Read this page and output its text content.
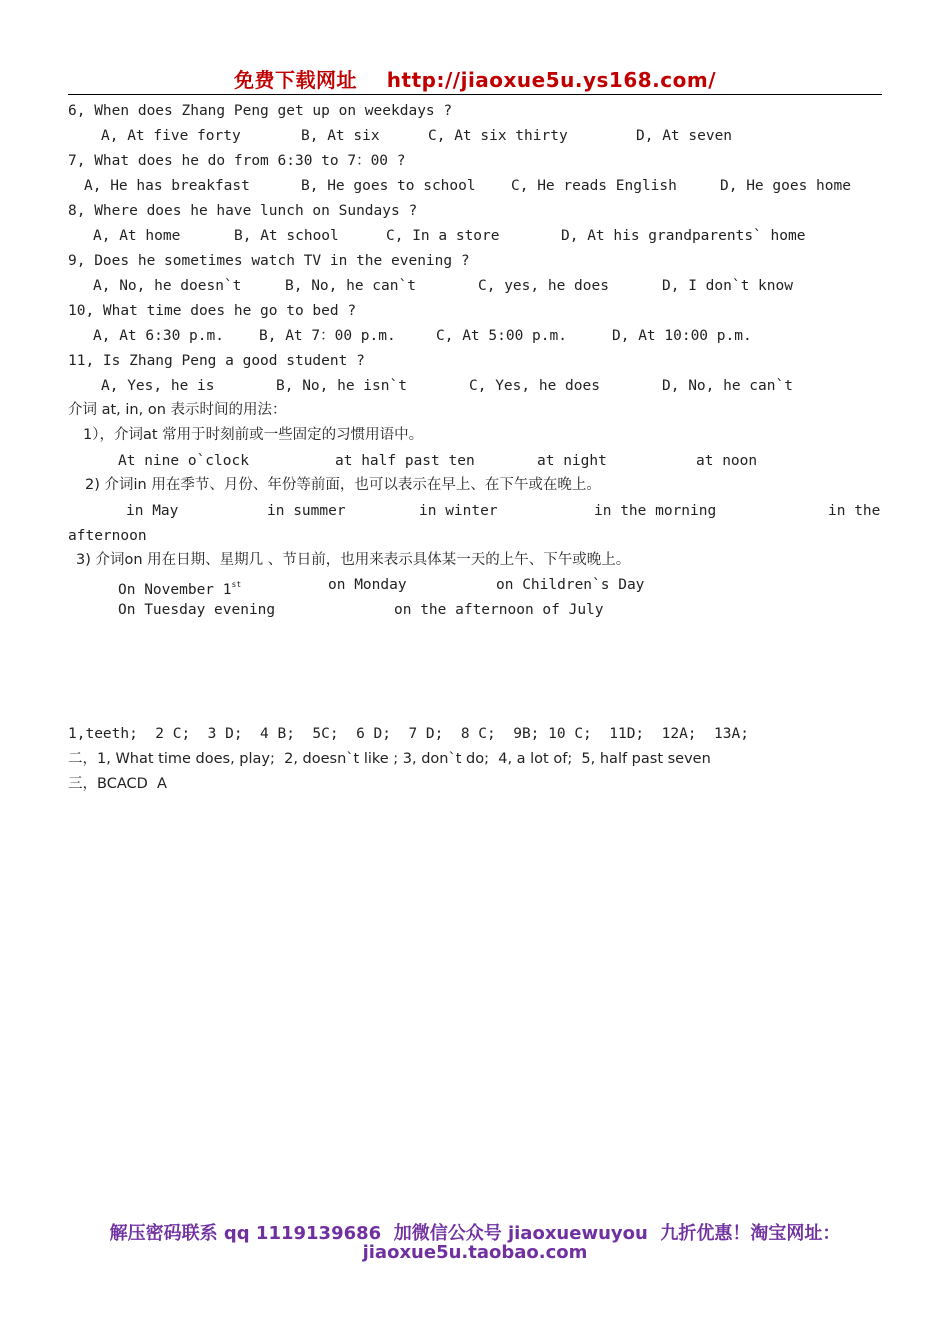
免费下载网址    http://jiaoxue5u.ys168.com/
6, When does Zhang Peng get up on weekdays ?
A, At five forty	B, At six	C, At six thirty	D, At seven
7, What does he do from 6:30 to 7：00 ?
A, He has breakfast	B, He goes to school C, He reads English	D, He goes home
8, Where does he have lunch on Sundays ?
A, At home	B, At school	C, In a store	D, At his grandparents` home
9, Does he sometimes watch TV in the evening ?
A, No, he doesn`t	B, No, he can`t	C, yes, he does	D, I don`t know
10, What time does he go to bed ?
A, At 6:30 p.m. B, At 7：00 p.m.	C, At 5:00 p.m.	D, At 10:00 p.m.
11, Is Zhang Peng a good student ?
A, Yes, he is	B, No, he isn`t	C, Yes, he does	D, No, he can`t
介词 at, in, on 表示时间的用法：
1），介词at 常用于时刻前或一些固定的习惯用语中。
At nine o`clock	at half past ten	at night	at noon
2) 介词in 用在季节、月份、年份等前面，也可以表示在早上、在下午或在晚上。
in May	in summer	in winter	in the morning	in the
afternoon
3) 介词on 用在日期、星期几 、节日前，也用来表示具体某一天的上午、下午或晚上。
On November 1st	on Monday	on Children`s Day
On Tuesday evening	on the afternoon of July
1,teeth;  2 C;  3 D;  4 B;  5C;  6 D;  7 D;  8 C;  9B; 10 C;  11D;  12A;  13A;
二，1, What time does, play;  2, doesn`t like ; 3, don`t do;  4, a lot of;  5, half past seven
三，BCACD  A
解压密码联系 qq 1119139686  加微信公众号 jiaoxuewuyou  九折优惠！淘宝网址：
jiaoxue5u.taobao.com
